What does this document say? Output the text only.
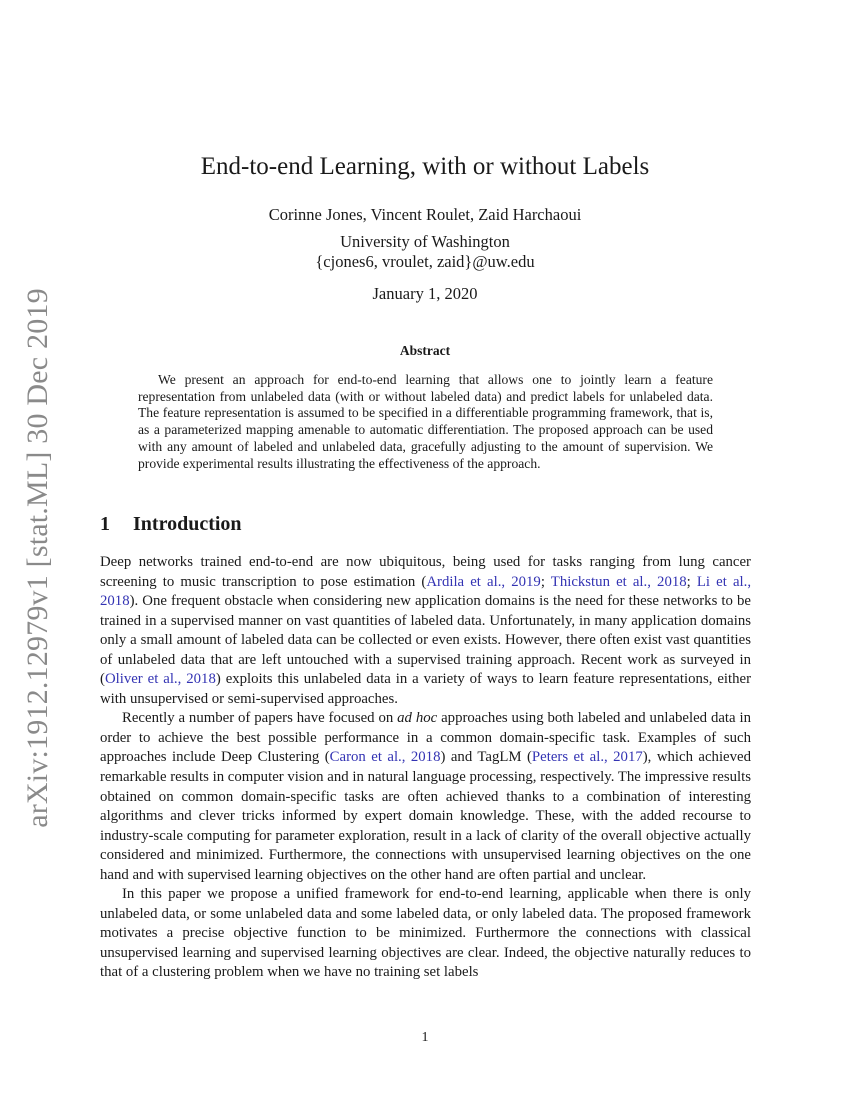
arXiv:1912.12979v1 [stat.ML] 30 Dec 2019
End-to-end Learning, with or without Labels
Corinne Jones, Vincent Roulet, Zaid Harchaoui
University of Washington
{cjones6, vroulet, zaid}@uw.edu
January 1, 2020
Abstract
We present an approach for end-to-end learning that allows one to jointly learn a feature representation from unlabeled data (with or without labeled data) and predict labels for unlabeled data. The feature representation is assumed to be specified in a differentiable programming framework, that is, as a parameterized mapping amenable to automatic differentiation. The proposed approach can be used with any amount of labeled and unlabeled data, gracefully adjusting to the amount of supervision. We provide experimental results illustrating the effectiveness of the approach.
1 Introduction

Deep networks trained end-to-end are now ubiquitous, being used for tasks ranging from lung cancer screening to music transcription to pose estimation (Ardila et al., 2019; Thickstun et al., 2018; Li et al., 2018). One frequent obstacle when considering new application domains is the need for these networks to be trained in a supervised manner on vast quantities of labeled data. Unfortunately, in many application domains only a small amount of labeled data can be collected or even exists. However, there often exist vast quantities of unlabeled data that are left untouched with a supervised training approach. Recent work as surveyed in (Oliver et al., 2018) exploits this unlabeled data in a variety of ways to learn feature representations, either with unsupervised or semi-supervised approaches.

Recently a number of papers have focused on ad hoc approaches using both labeled and unlabeled data in order to achieve the best possible performance in a common domain-specific task. Examples of such approaches include Deep Clustering (Caron et al., 2018) and TagLM (Peters et al., 2017), which achieved remarkable results in computer vision and in natural language processing, respectively. The impressive results obtained on common domain-specific tasks are often achieved thanks to a combination of interesting algorithms and clever tricks informed by expert domain knowledge. These, with the added recourse to industry-scale computing for parameter exploration, result in a lack of clarity of the overall objective actually considered and minimized. Furthermore, the connections with unsupervised learning objectives on the one hand and with supervised learning objectives on the other hand are often partial and unclear.

In this paper we propose a unified framework for end-to-end learning, applicable when there is only unlabeled data, or some unlabeled data and some labeled data, or only labeled data. The proposed framework motivates a precise objective function to be minimized. Furthermore the connections with classical unsupervised learning and supervised learning objectives are clear. Indeed, the objective naturally reduces to that of a clustering problem when we have no training set labels

1
